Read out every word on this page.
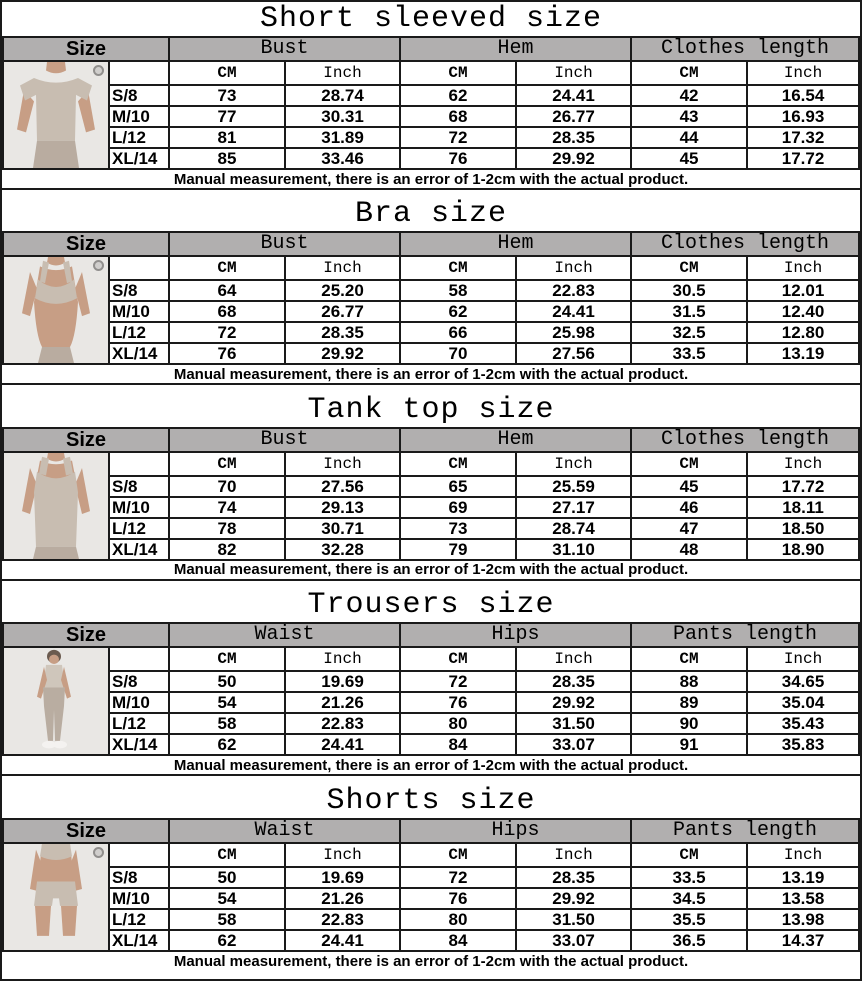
Short sleeved size
Size		Bust		Hem		Clothes length	

		CM	Inch	CM	Inch	CM	Inch
	S/8	73	28.74	62	24.41	42	16.54
	M/10	77	30.31	68	26.77	43	16.93
	L/12	81	31.89	72	28.35	44	17.32
	XL/14	85	33.46	76	29.92	45	17.72
Manual measurement, there is an error of 1-2cm with the actual product.
Bra size
Size		Bust		Hem		Clothes length	

		CM	Inch	CM	Inch	CM	Inch
	S/8	64	25.20	58	22.83	30.5	12.01
	M/10	68	26.77	62	24.41	31.5	12.40
	L/12	72	28.35	66	25.98	32.5	12.80
	XL/14	76	29.92	70	27.56	33.5	13.19
Manual measurement, there is an error of 1-2cm with the actual product.
Tank top size
Size		Bust		Hem		Clothes length	

		CM	Inch	CM	Inch	CM	Inch
	S/8	70	27.56	65	25.59	45	17.72
	M/10	74	29.13	69	27.17	46	18.11
	L/12	78	30.71	73	28.74	47	18.50
	XL/14	82	32.28	79	31.10	48	18.90
Manual measurement, there is an error of 1-2cm with the actual product.
Trousers size
Size		Waist		Hips		Pants length	

		CM	Inch	CM	Inch	CM	Inch
	S/8	50	19.69	72	28.35	88	34.65
	M/10	54	21.26	76	29.92	89	35.04
	L/12	58	22.83	80	31.50	90	35.43
	XL/14	62	24.41	84	33.07	91	35.83
Manual measurement, there is an error of 1-2cm with the actual product.
Shorts size
Size		Waist		Hips		Pants length	

		CM	Inch	CM	Inch	CM	Inch
	S/8	50	19.69	72	28.35	33.5	13.19
	M/10	54	21.26	76	29.92	34.5	13.58
	L/12	58	22.83	80	31.50	35.5	13.98
	XL/14	62	24.41	84	33.07	36.5	14.37
Manual measurement, there is an error of 1-2cm with the actual product.
